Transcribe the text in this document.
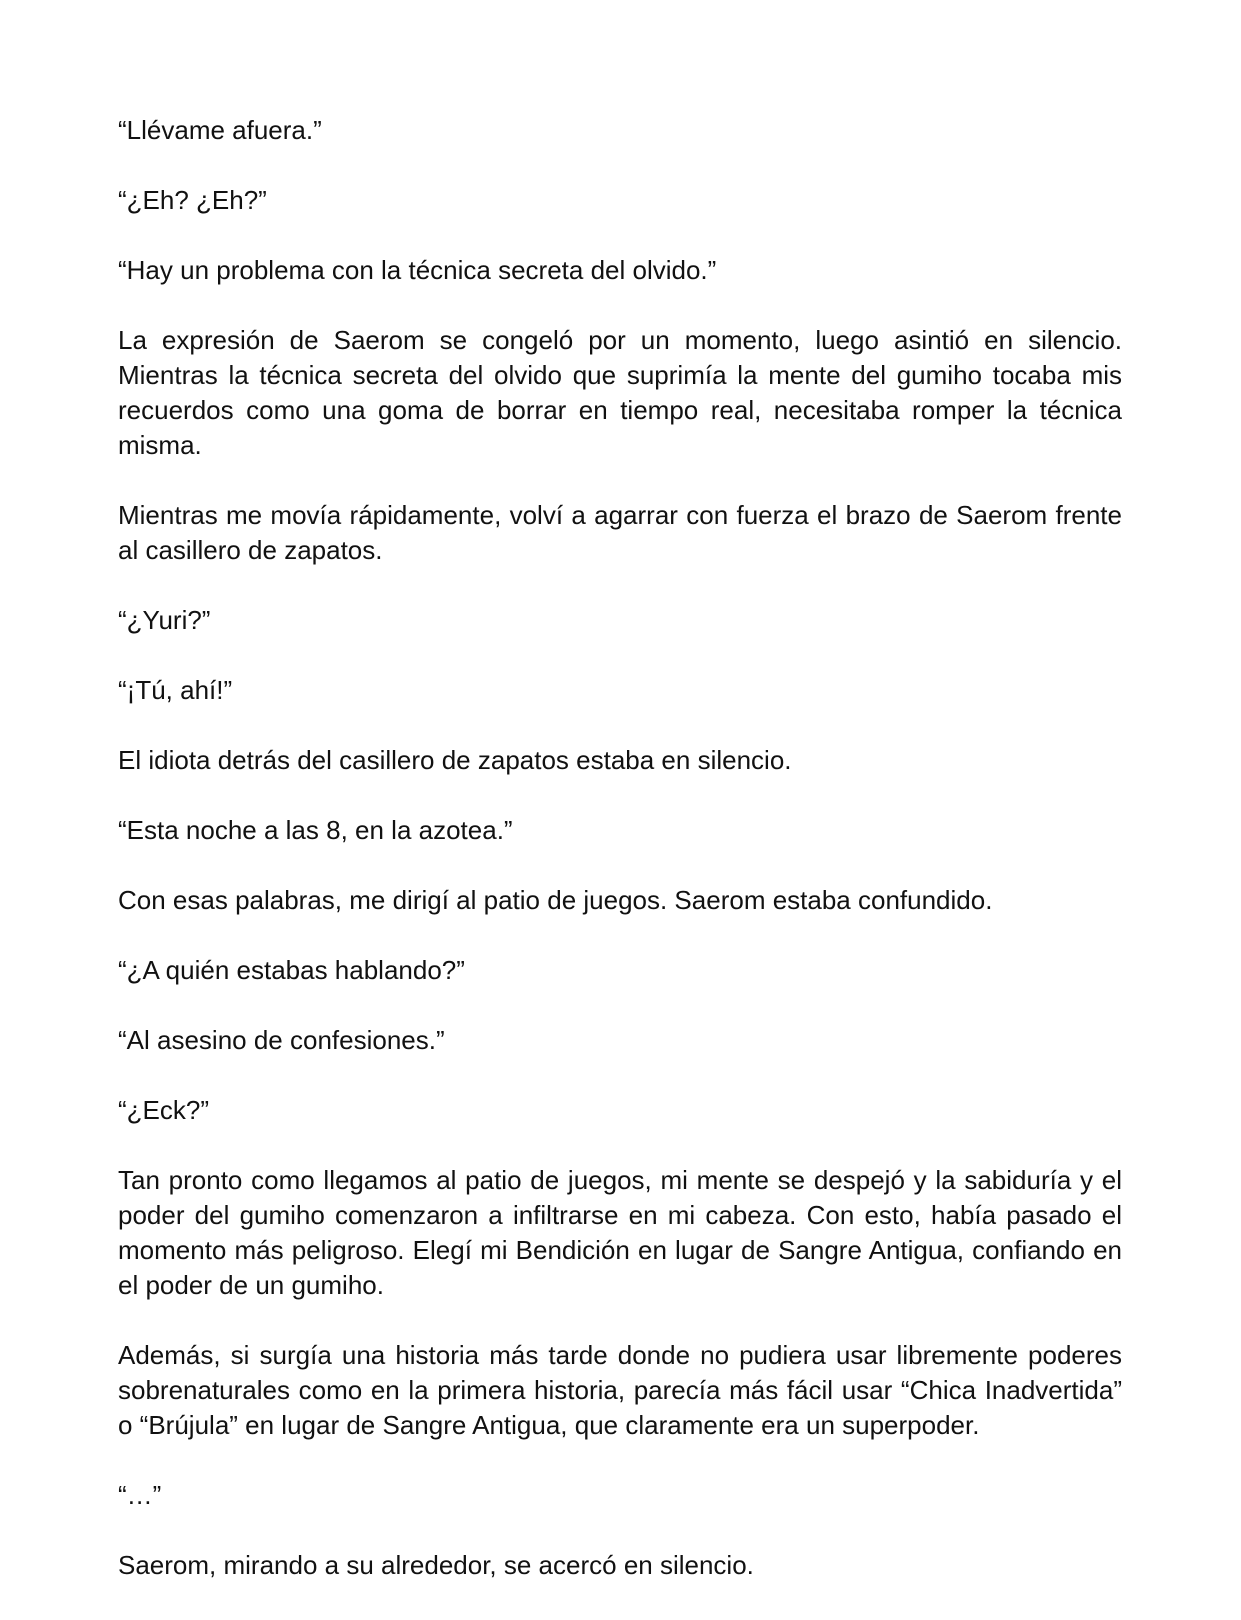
“Llévame afuera.”

“¿Eh? ¿Eh?”

“Hay un problema con la técnica secreta del olvido.”

La expresión de Saerom se congeló por un momento, luego asintió en silencio. Mientras la técnica secreta del olvido que suprimía la mente del gumiho tocaba mis recuerdos como una goma de borrar en tiempo real, necesitaba romper la técnica misma.

Mientras me movía rápidamente, volví a agarrar con fuerza el brazo de Saerom frente al casillero de zapatos.

“¿Yuri?”

“¡Tú, ahí!”

El idiota detrás del casillero de zapatos estaba en silencio.

“Esta noche a las 8, en la azotea.”

Con esas palabras, me dirigí al patio de juegos. Saerom estaba confundido.

“¿A quién estabas hablando?”

“Al asesino de confesiones.”

“¿Eck?”

Tan pronto como llegamos al patio de juegos, mi mente se despejó y la sabiduría y el poder del gumiho comenzaron a infiltrarse en mi cabeza. Con esto, había pasado el momento más peligroso. Elegí mi Bendición en lugar de Sangre Antigua, confiando en el poder de un gumiho.

Además, si surgía una historia más tarde donde no pudiera usar libremente poderes sobrenaturales como en la primera historia, parecía más fácil usar “Chica Inadvertida” o “Brújula” en lugar de Sangre Antigua, que claramente era un superpoder.

“…”

Saerom, mirando a su alrededor, se acercó en silencio.
